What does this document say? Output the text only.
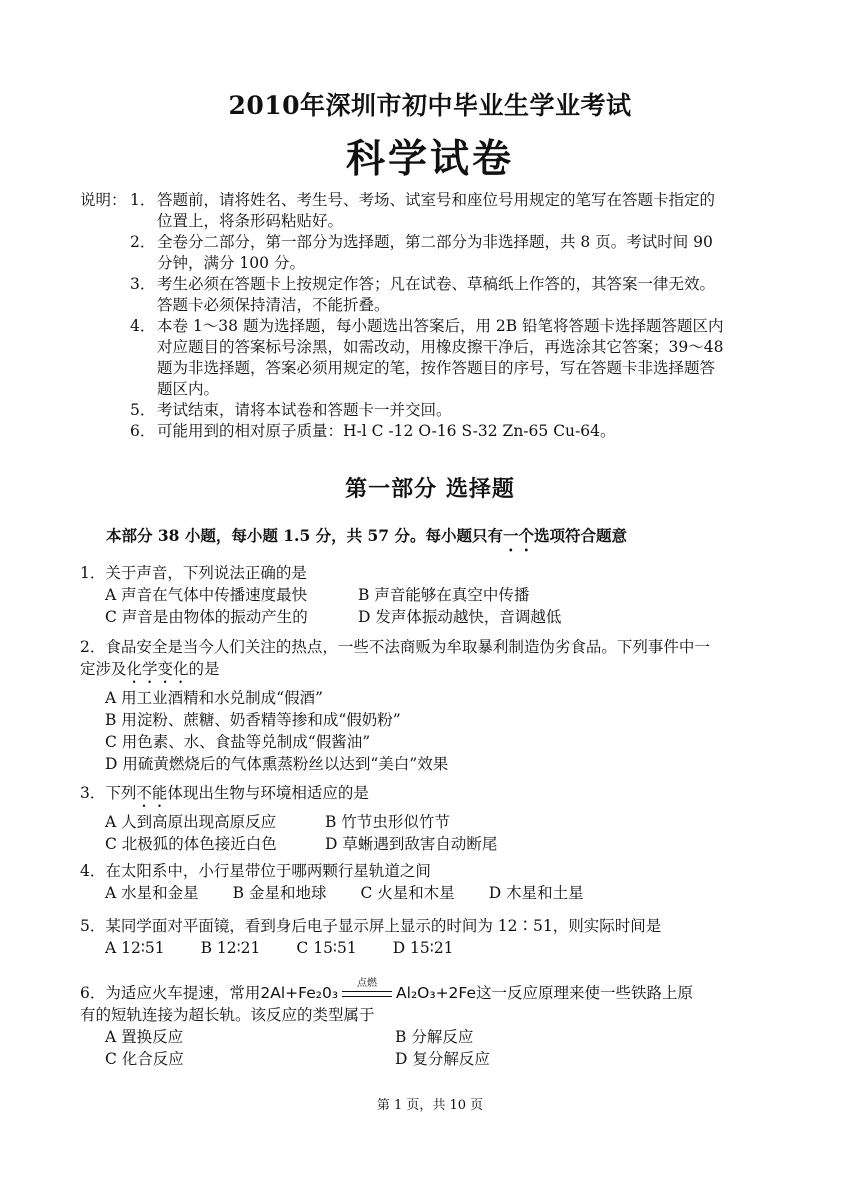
2010年深圳市初中毕业生学业考试
科学试卷
说明： 1． 答题前，请将姓名、考生号、考场、试室号和座位号用规定的笔写在答题卡指定的
位置上，将条形码粘贴好。
2． 全卷分二部分，第一部分为选择题，第二部分为非选择题，共 8 页。考试时间 90
分钟，满分 100 分。
3． 考生必须在答题卡上按规定作答；凡在试卷、草稿纸上作答的，其答案一律无效。
答题卡必须保持清洁，不能折叠。
4． 本卷 1～38 题为选择题，每小题选出答案后，用 2B 铅笔将答题卡选择题答题区内
对应题目的答案标号涂黑，如需改动，用橡皮擦干净后，再选涂其它答案；39～48
题为非选择题，答案必须用规定的笔，按作答题目的序号，写在答题卡非选择题答
题区内。
5． 考试结束，请将本试卷和答题卡一并交回。
6． 可能用到的相对原子质量：H-l C -12 O-16 S-32 Zn-65 Cu-64。
第一部分 选择题
本部分 38 小题，每小题 1.5 分，共 57 分。每小题只有一个选项符合题意
1．关于声音，下列说法正确的是
A 声音在气体中传播速度最快	B 声音能够在真空中传播
C 声音是由物体的振动产生的	D 发声体振动越快，音调越低
2．食品安全是当今人们关注的热点，一些不法商贩为牟取暴利制造伪劣食品。下列事件中一
定涉及化学变化的是
A 用工业酒精和水兑制成“假酒”
B 用淀粉、蔗糖、奶香精等掺和成“假奶粉”
C 用色素、水、食盐等兑制成“假酱油”
D 用硫黄燃烧后的气体熏蒸粉丝以达到“美白”效果
3．下列不能体现出生物与环境相适应的是
A 人到高原出现高原反应	B 竹节虫形似竹节
C 北极狐的体色接近白色	D 草蜥遇到敌害自动断尾
4．在太阳系中，小行星带位于哪两颗行星轨道之间
A 水星和金星 B 金星和地球 C 火星和木星 D 木星和土星
5．某同学面对平面镜，看到身后电子显示屏上显示的时间为 12∶51，则实际时间是
A 12∶51 B 12∶21 C 15∶51 D 15∶21
6．为适应火车提速，常用2Al+Fe₂0₃
点燃
Al₂O₃+2Fe这一反应原理来使一些铁路上原
有的短轨连接为超长轨。该反应的类型属于
A 置换反应	B 分解反应
C 化合反应	D 复分解反应
第 1 页，共 10 页
